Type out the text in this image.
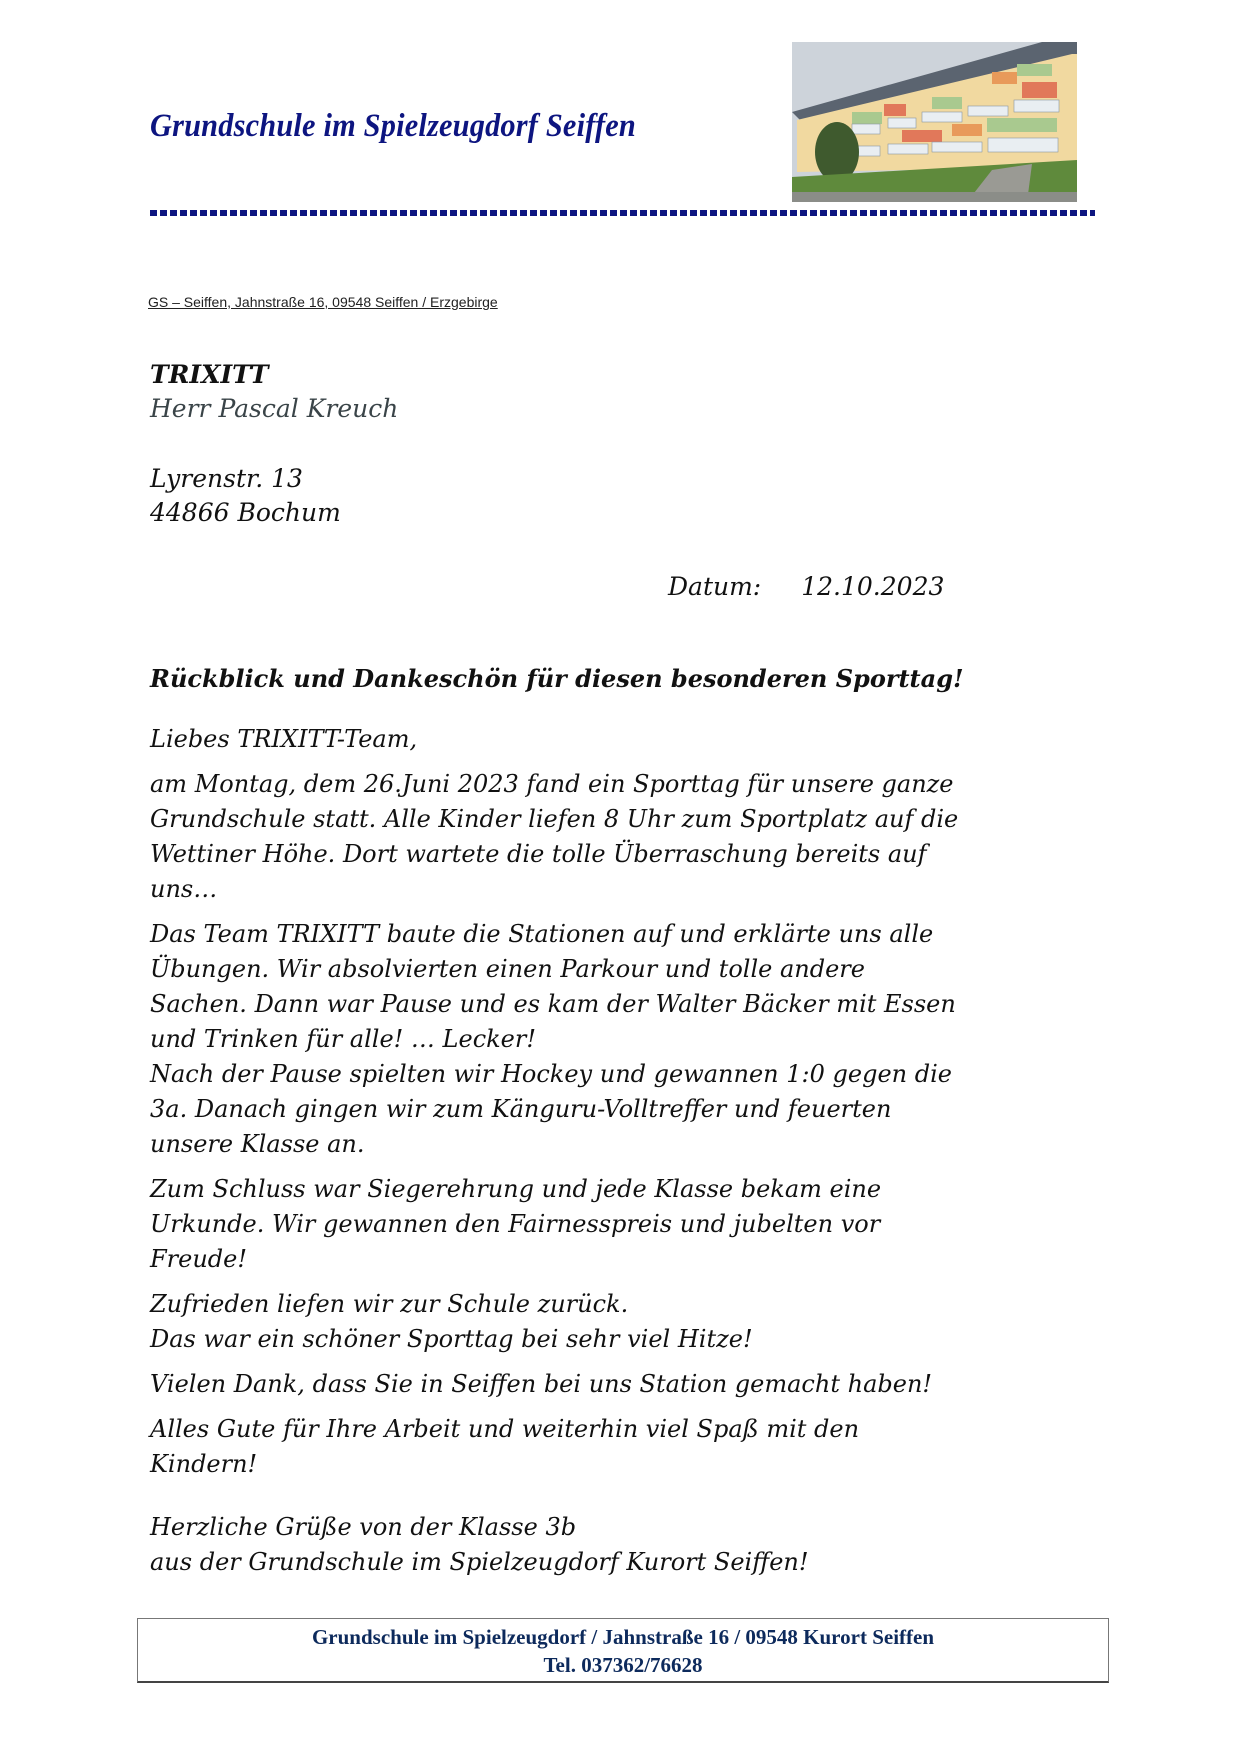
Grundschule im Spielzeugdorf Seiffen
GS – Seiffen, Jahnstraße 16, 09548 Seiffen / Erzgebirge
TRIXITT
Herr Pascal Kreuch
Lyrenstr. 13
44866 Bochum
Datum: 12.10.2023
Rückblick und Dankeschön für diesen besonderen Sporttag!

Liebes TRIXITT-Team,

am Montag, dem 26.Juni 2023 fand ein Sporttag für unsere ganze
Grundschule statt. Alle Kinder liefen 8 Uhr zum Sportplatz auf die
Wettiner Höhe. Dort wartete die tolle Überraschung bereits auf
uns…

Das Team TRIXITT baute die Stationen auf und erklärte uns alle
Übungen. Wir absolvierten einen Parkour und tolle andere
Sachen. Dann war Pause und es kam der Walter Bäcker mit Essen
und Trinken für alle! … Lecker!
Nach der Pause spielten wir Hockey und gewannen 1:0 gegen die
3a. Danach gingen wir zum Känguru-Volltreffer und feuerten
unsere Klasse an.

Zum Schluss war Siegerehrung und jede Klasse bekam eine
Urkunde. Wir gewannen den Fairnesspreis und jubelten vor
Freude!

Zufrieden liefen wir zur Schule zurück.
Das war ein schöner Sporttag bei sehr viel Hitze!

Vielen Dank, dass Sie in Seiffen bei uns Station gemacht haben!

Alles Gute für Ihre Arbeit und weiterhin viel Spaß mit den
Kindern!

Herzliche Grüße von der Klasse 3b
aus der Grundschule im Spielzeugdorf Kurort Seiffen!

Grundschule im Spielzeugdorf / Jahnstraße 16 / 09548 Kurort Seiffen
Tel. 037362/76628
